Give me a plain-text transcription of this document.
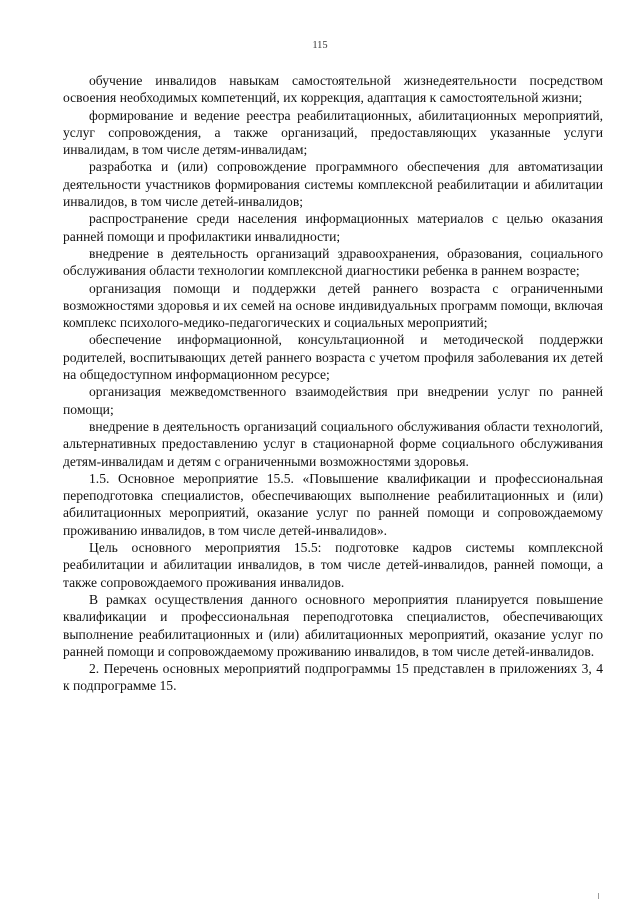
115

обучение инвалидов навыкам самостоятельной жизнедеятельности посредством освоения необходимых компетенций, их коррекция, адаптация к самостоятельной жизни;

формирование и ведение реестра реабилитационных, абилитационных мероприятий, услуг сопровождения, а также организаций, предоставляющих указанные услуги инвалидам, в том числе детям-инвалидам;

разработка и (или) сопровождение программного обеспечения для автоматизации деятельности участников формирования системы комплексной реабилитации и абилитации инвалидов, в том числе детей-инвалидов;

распространение среди населения информационных материалов с целью оказания ранней помощи и профилактики инвалидности;

внедрение в деятельность организаций здравоохранения, образования, социального обслуживания области технологии комплексной диагностики ребенка в раннем возрасте;

организация помощи и поддержки детей раннего возраста с ограниченными возможностями здоровья и их семей на основе индивидуальных программ помощи, включая комплекс психолого-медико-педагогических и социальных мероприятий;

обеспечение информационной, консультационной и методической поддержки родителей, воспитывающих детей раннего возраста с учетом профиля заболевания их детей на общедоступном информационном ресурсе;

организация межведомственного взаимодействия при внедрении услуг по ранней помощи;

внедрение в деятельность организаций социального обслуживания области технологий, альтернативных предоставлению услуг в стационарной форме социального обслуживания детям-инвалидам и детям с ограниченными возможностями здоровья.

1.5. Основное мероприятие 15.5. «Повышение квалификации и профессиональная переподготовка специалистов, обеспечивающих выполнение реабилитационных и (или) абилитационных мероприятий, оказание услуг по ранней помощи и сопровождаемому проживанию инвалидов, в том числе детей-инвалидов».

Цель основного мероприятия 15.5: подготовке кадров системы комплексной реабилитации и абилитации инвалидов, в том числе детей-инвалидов, ранней помощи, а также сопровождаемого проживания инвалидов.

В рамках осуществления данного основного мероприятия планируется повышение квалификации и профессиональная переподготовка специалистов, обеспечивающих выполнение реабилитационных и (или) абилитационных мероприятий, оказание услуг по ранней помощи и сопровождаемому проживанию инвалидов, в том числе детей-инвалидов.

2. Перечень основных мероприятий подпрограммы 15 представлен в приложениях 3, 4 к подпрограмме 15.
